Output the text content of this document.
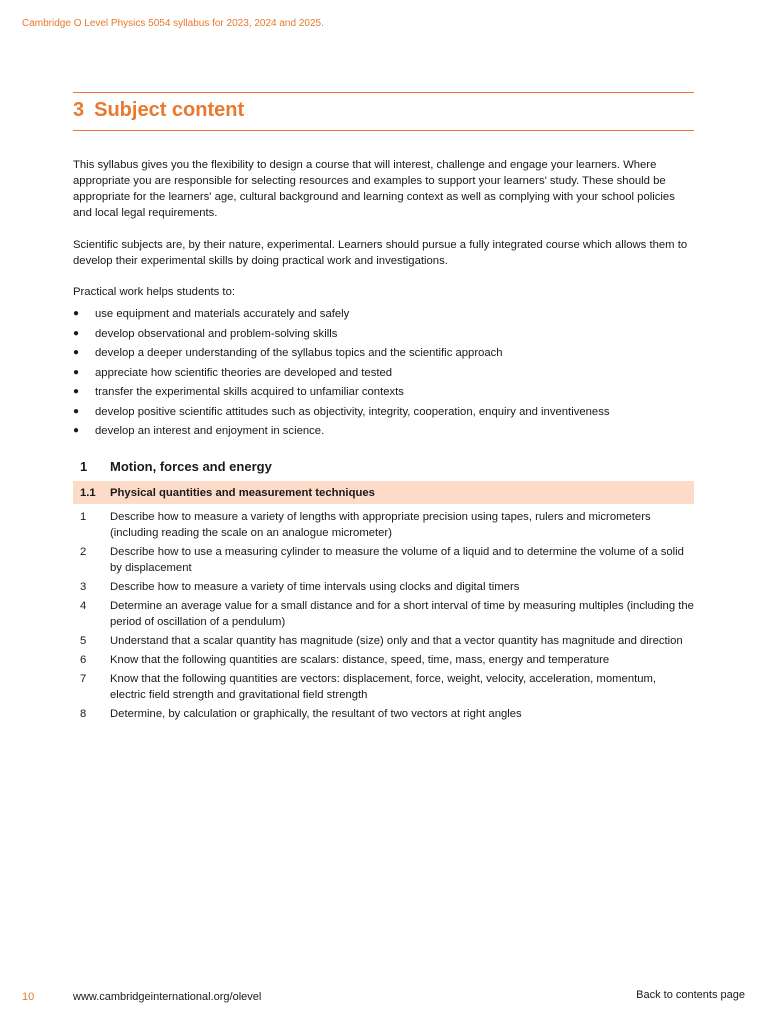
Cambridge O Level Physics 5054 syllabus for 2023, 2024 and 2025.
3 Subject content
This syllabus gives you the flexibility to design a course that will interest, challenge and engage your learners. Where appropriate you are responsible for selecting resources and examples to support your learners' study. These should be appropriate for the learners' age, cultural background and learning context as well as complying with your school policies and local legal requirements.
Scientific subjects are, by their nature, experimental. Learners should pursue a fully integrated course which allows them to develop their experimental skills by doing practical work and investigations.
Practical work helps students to:
● use equipment and materials accurately and safely
● develop observational and problem-solving skills
● develop a deeper understanding of the syllabus topics and the scientific approach
● appreciate how scientific theories are developed and tested
● transfer the experimental skills acquired to unfamiliar contexts
● develop positive scientific attitudes such as objectivity, integrity, cooperation, enquiry and inventiveness
● develop an interest and enjoyment in science.
1	Motion, forces and energy
1.1	Physical quantities and measurement techniques
1	Describe how to measure a variety of lengths with appropriate precision using tapes, rulers and micrometers (including reading the scale on an analogue micrometer)
2	Describe how to use a measuring cylinder to measure the volume of a liquid and to determine the volume of a solid by displacement
3	Describe how to measure a variety of time intervals using clocks and digital timers
4	Determine an average value for a small distance and for a short interval of time by measuring multiples (including the period of oscillation of a pendulum)
5	Understand that a scalar quantity has magnitude (size) only and that a vector quantity has magnitude and direction
6	Know that the following quantities are scalars: distance, speed, time, mass, energy and temperature
7	Know that the following quantities are vectors: displacement, force, weight, velocity, acceleration, momentum, electric field strength and gravitational field strength
8	Determine, by calculation or graphically, the resultant of two vectors at right angles
10	www.cambridgeinternational.org/olevel	Back to contents page
